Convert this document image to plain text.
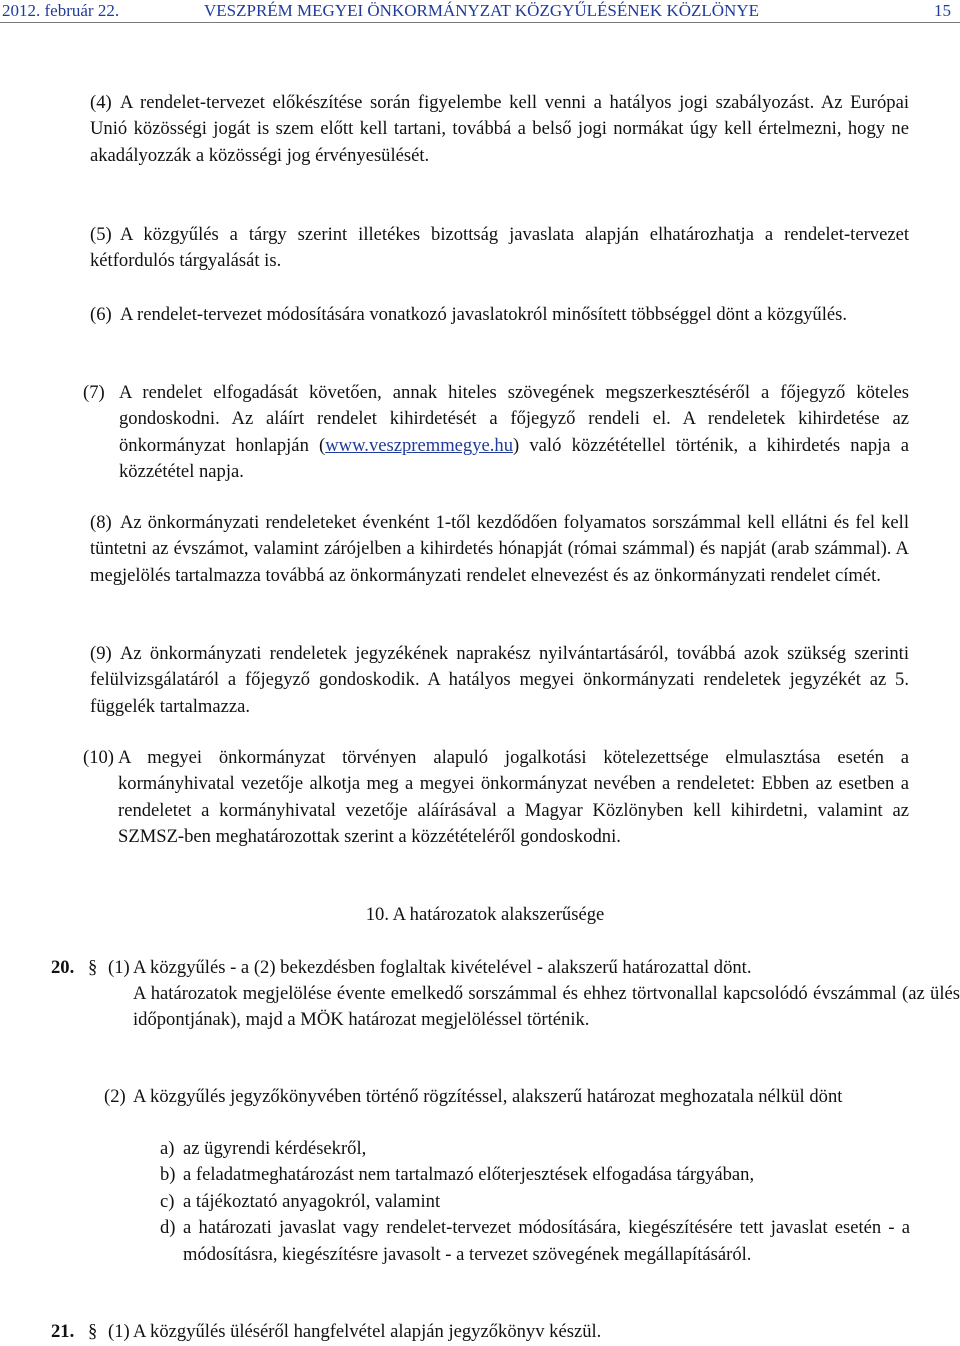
2012. február 22.	VESZPRÉM MEGYEI ÖNKORMÁNYZAT KÖZGYŰLÉSÉNEK KÖZLÖNYE	15
(4) A rendelet-tervezet előkészítése során figyelembe kell venni a hatályos jogi szabályozást. Az Európai Unió közösségi jogát is szem előtt kell tartani, továbbá a belső jogi normákat úgy kell értelmezni, hogy ne akadályozzák a közösségi jog érvényesülését.
(5) A közgyűlés a tárgy szerint illetékes bizottság javaslata alapján elhatározhatja a rendelet-tervezet kétfordulós tárgyalását is.
(6) A rendelet-tervezet módosítására vonatkozó javaslatokról minősített többséggel dönt a közgyűlés.
(7) A rendelet elfogadását követően, annak hiteles szövegének megszerkesztéséről a főjegyző köteles gondoskodni. Az aláírt rendelet kihirdetését a főjegyző rendeli el. A rendeletek kihirdetése az önkormányzat honlapján (www.veszpremmegye.hu) való közzététellel történik, a kihirdetés napja a közzététel napja.
(8) Az önkormányzati rendeleteket évenként 1-től kezdődően folyamatos sorszámmal kell ellátni és fel kell tüntetni az évszámot, valamint zárójelben a kihirdetés hónapját (római számmal) és napját (arab számmal). A megjelölés tartalmazza továbbá az önkormányzati rendelet elnevezést és az önkormányzati rendelet címét.
(9) Az önkormányzati rendeletek jegyzékének naprakész nyilvántartásáról, továbbá azok szükség szerinti felülvizsgálatáról a főjegyző gondoskodik. A hatályos megyei önkormányzati rendeletek jegyzékét az 5. függelék tartalmazza.
(10) A megyei önkormányzat törvényen alapuló jogalkotási kötelezettsége elmulasztása esetén a kormányhivatal vezetője alkotja meg a megyei önkormányzat nevében a rendeletet: Ebben az esetben a rendeletet a kormányhivatal vezetője aláírásával a Magyar Közlönyben kell kihirdetni, valamint az SZMSZ-ben meghatározottak szerint a közzétételéről gondoskodni.
10. A határozatok alakszerűsége
20. § (1) A közgyűlés - a (2) bekezdésben foglaltak kivételével - alakszerű határozattal dönt.
A határozatok megjelölése évente emelkedő sorszámmal és ehhez törtvonallal kapcsolódó évszámmal (az ülés időpontjának), majd a MÖK határozat megjelöléssel történik.
(2) A közgyűlés jegyzőkönyvében történő rögzítéssel, alakszerű határozat meghozatala nélkül dönt
a) az ügyrendi kérdésekről,
b) a feladatmeghatározást nem tartalmazó előterjesztések elfogadása tárgyában,
c) a tájékoztató anyagokról, valamint
d) a határozati javaslat vagy rendelet-tervezet módosítására, kiegészítésére tett javaslat esetén - a módosításra, kiegészítésre javasolt - a tervezet szövegének megállapításáról.
21. § (1) A közgyűlés üléséről hangfelvétel alapján jegyzőkönyv készül.
